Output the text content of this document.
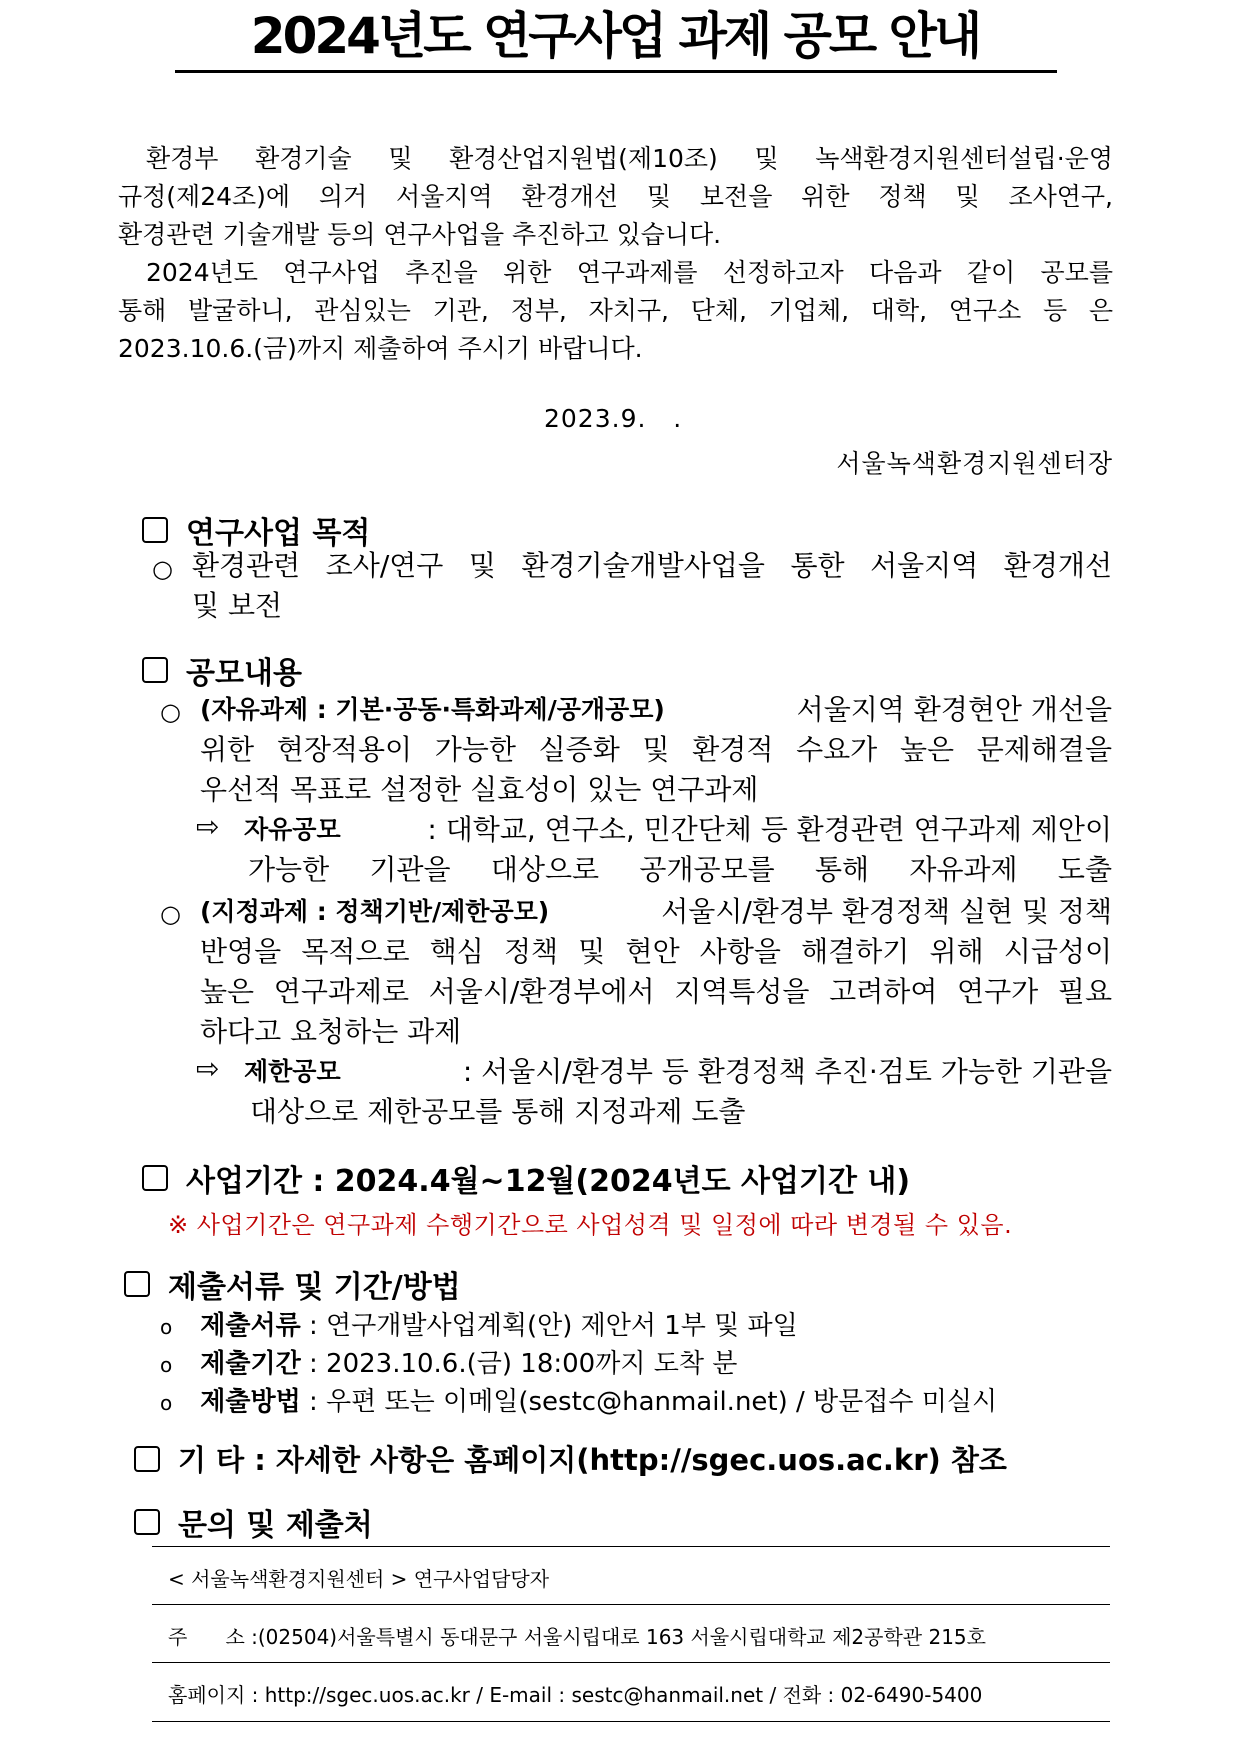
2024년도 연구사업 과제 공모 안내

환경부 환경기술 및 환경산업지원법(제10조) 및 녹색환경지원센터설립·운영

규정(제24조)에 의거 서울지역 환경개선 및 보전을 위한 정책 및 조사연구,
환경관련 기술개발 등의 연구사업을 추진하고 있습니다.

2024년도 연구사업 추진을 위한 연구과제를 선정하고자 다음과 같이 공모를

통해 발굴하니, 관심있는 기관, 정부, 자치구, 단체, 기업체, 대학, 연구소 등 은
2023.10.6.(금)까지 제출하여 주시기 바랍니다.
2023.9.   .
서울녹색환경지원센터장
연구사업 목적
○ 환경관련 조사/연구 및 환경기술개발사업을 통한 서울지역 환경개선
및 보전
공모내용
○ (자유과제 : 기본·공동·특화과제/공개공모)	서울지역 환경현안 개선을
위한 현장적용이 가능한 실증화 및 환경적 수요가 높은 문제해결을
우선적 목표로 설정한 실효성이 있는 연구과제
⇨ 자유공모	: 대학교, 연구소, 민간단체 등 환경관련 연구과제 제안이
가능한 기관을 대상으로 공개공모를 통해 자유과제 도출
○ (지정과제 : 정책기반/제한공모)	서울시/환경부 환경정책 실현 및 정책
반영을 목적으로 핵심 정책 및 현안 사항을 해결하기 위해 시급성이
높은 연구과제로 서울시/환경부에서 지역특성을 고려하여 연구가 필요
하다고 요청하는 과제
⇨ 제한공모	: 서울시/환경부 등 환경정책 추진·검토 가능한 기관을
대상으로 제한공모를 통해 지정과제 도출
사업기간 : 2024.4월~12월(2024년도 사업기간 내)
※ 사업기간은 연구과제 수행기간으로 사업성격 및 일정에 따라 변경될 수 있음.
제출서류 및 기간/방법
o 제출서류 : 연구개발사업계획(안) 제안서 1부 및 파일
o 제출기간 : 2023.10.6.(금) 18:00까지 도착 분
o 제출방법 : 우편 또는 이메일(sestc@hanmail.net) / 방문접수 미실시
기 타 : 자세한 사항은 홈페이지(http://sgec.uos.ac.kr) 참조
문의 및 제출처
< 서울녹색환경지원센터 > 연구사업담당자
주      소 :(02504)서울특별시 동대문구 서울시립대로 163 서울시립대학교 제2공학관 215호
홈페이지 : http://sgec.uos.ac.kr / E-mail : sestc@hanmail.net / 전화 : 02-6490-5400
